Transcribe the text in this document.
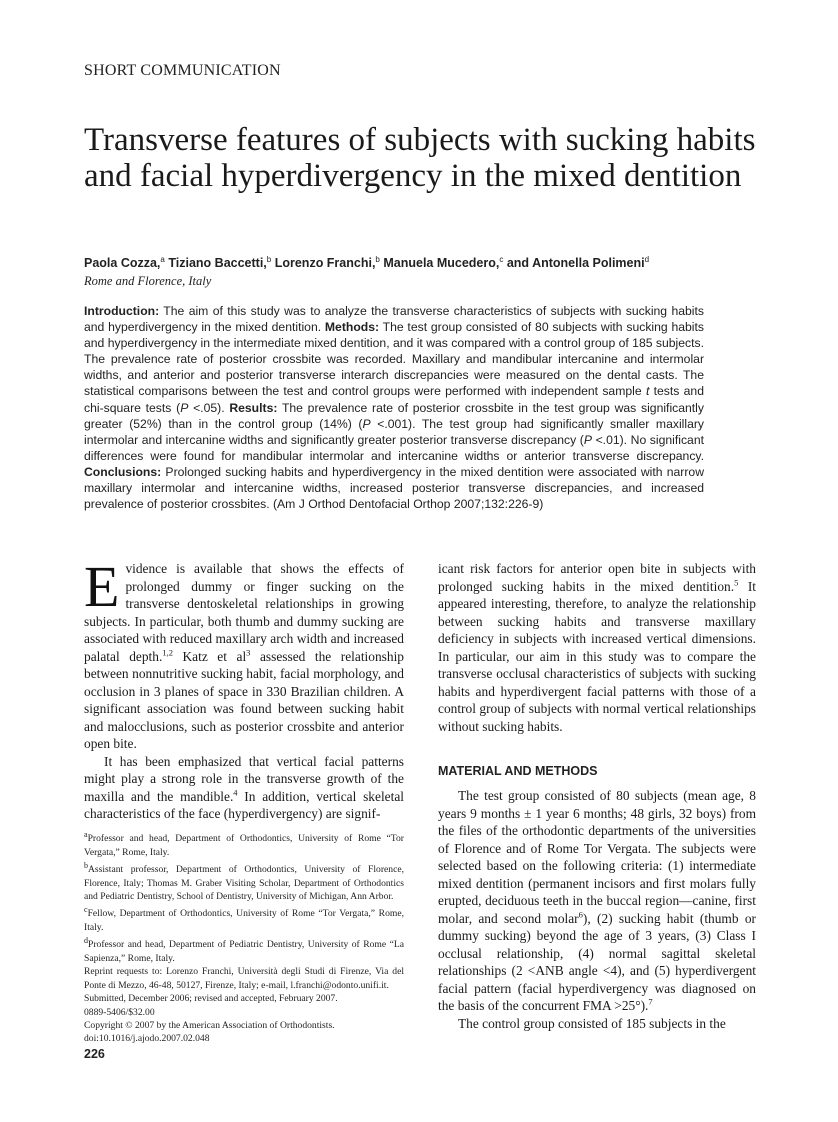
SHORT COMMUNICATION
Transverse features of subjects with sucking habits and facial hyperdivergency in the mixed dentition
Paola Cozza,$^a$ Tiziano Baccetti,$^b$ Lorenzo Franchi,$^b$ Manuela Mucedero,$^c$ and Antonella Polimeni$^d$
Rome and Florence, Italy

Introduction: The aim of this study was to analyze the transverse characteristics of subjects with sucking habits and hyperdivergency in the mixed dentition. Methods: The test group consisted of 80 subjects with sucking habits and hyperdivergency in the intermediate mixed dentition, and it was compared with a control group of 185 subjects. The prevalence rate of posterior crossbite was recorded. Maxillary and mandibular intercanine and intermolar widths, and anterior and posterior transverse interarch discrepancies were measured on the dental casts. The statistical comparisons between the test and control groups were performed with independent sample t tests and chi-square tests (P <.05). Results: The prevalence rate of posterior crossbite in the test group was significantly greater (52%) than in the control group (14%) (P <.001). The test group had significantly smaller maxillary intermolar and intercanine widths and significantly greater posterior transverse discrepancy (P <.01). No significant differences were found for mandibular intermolar and intercanine widths or anterior transverse discrepancy. Conclusions: Prolonged sucking habits and hyperdivergency in the mixed dentition were associated with narrow maxillary intermolar and intercanine widths, increased posterior transverse discrepancies, and increased prevalence of posterior crossbites. (Am J Orthod Dentofacial Orthop 2007;132:226-9)

Evidence is available that shows the effects of prolonged dummy or finger sucking on the transverse dentoskeletal relationships in growing subjects. In particular, both thumb and dummy sucking are associated with reduced maxillary arch width and increased palatal depth.$^{1,2}$ Katz et $al^3$ assessed the relationship between nonnutritive sucking habit, facial morphology, and occlusion in 3 planes of space in 330 Brazilian children. A significant association was found between sucking habit and malocclusions, such as posterior crossbite and anterior open bite.

It has been emphasized that vertical facial patterns might play a strong role in the transverse growth of the maxilla and the mandible.$^4$ In addition, vertical skeletal characteristics of the face (hyperdivergency) are signif-

$^a$Professor and head, Department of Orthodontics, University of Rome “Tor Vergata,” Rome, Italy.

$^b$Assistant professor, Department of Orthodontics, University of Florence, Florence, Italy; Thomas M. Graber Visiting Scholar, Department of Orthodontics and Pediatric Dentistry, School of Dentistry, University of Michigan, Ann Arbor.

$^c$Fellow, Department of Orthodontics, University of Rome “Tor Vergata,” Rome, Italy.

$^d$Professor and head, Department of Pediatric Dentistry, University of Rome “La Sapienza,” Rome, Italy.

Reprint requests to: Lorenzo Franchi, Università degli Studi di Firenze, Via del Ponte di Mezzo, 46-48, 50127, Firenze, Italy; e-mail, l.franchi@odonto.unifi.it.

Submitted, December 2006; revised and accepted, February 2007.

0889-5406/$32.00

Copyright © 2007 by the American Association of Orthodontists.

doi:10.1016/j.ajodo.2007.02.048

icant risk factors for anterior open bite in subjects with prolonged sucking habits in the mixed dentition.$^5$ It appeared interesting, therefore, to analyze the relationship between sucking habits and transverse maxillary deficiency in subjects with increased vertical dimensions. In particular, our aim in this study was to compare the transverse occlusal characteristics of subjects with sucking habits and hyperdivergent facial patterns with those of a control group of subjects with normal vertical relationships without sucking habits.

MATERIAL AND METHODS

The test group consisted of 80 subjects (mean age, 8 years 9 months ± 1 year 6 months; 48 girls, 32 boys) from the files of the orthodontic departments of the universities of Florence and of Rome Tor Vergata. The subjects were selected based on the following criteria: (1) intermediate mixed dentition (permanent incisors and first molars fully erupted, deciduous teeth in the buccal region—canine, first molar, and second molar$^6$), (2) sucking habit (thumb or dummy sucking) beyond the age of 3 years, (3) Class I occlusal relationship, (4) normal sagittal skeletal relationships (2 <ANB angle <4), and (5) hyperdivergent facial pattern (facial hyperdivergency was diagnosed on the basis of the concurrent FMA >25°).$^7$

The control group consisted of 185 subjects in the

226
